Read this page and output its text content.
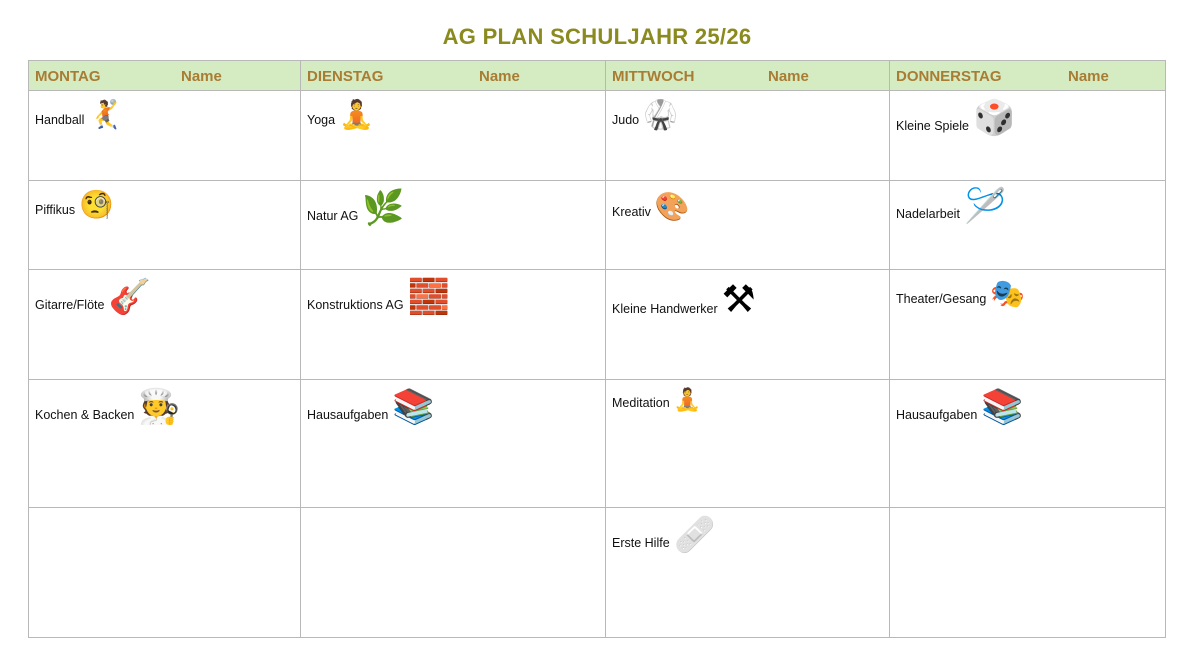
AG PLAN SCHULJAHR 25/26
MONTAG Name	DIENSTAG Name	MITTWOCH Name	DONNERSTAG Name

Handball 🤾	Yoga 🧘	Judo 🥋	Kleine Spiele 🎲

Piffikus 🧐	Natur AG 🌿	Kreativ 🎨	Nadelarbeit 🪡

Gitarre/Flöte 🎸	Konstruktions AG 🧱	Kleine Handwerker ⚒	Theater/Gesang 🎭

Kochen & Backen 🧑‍🍳	Hausaufgaben 📚	Meditation 🧘	Hausaufgaben 📚

		Erste Hilfe 🩹	
